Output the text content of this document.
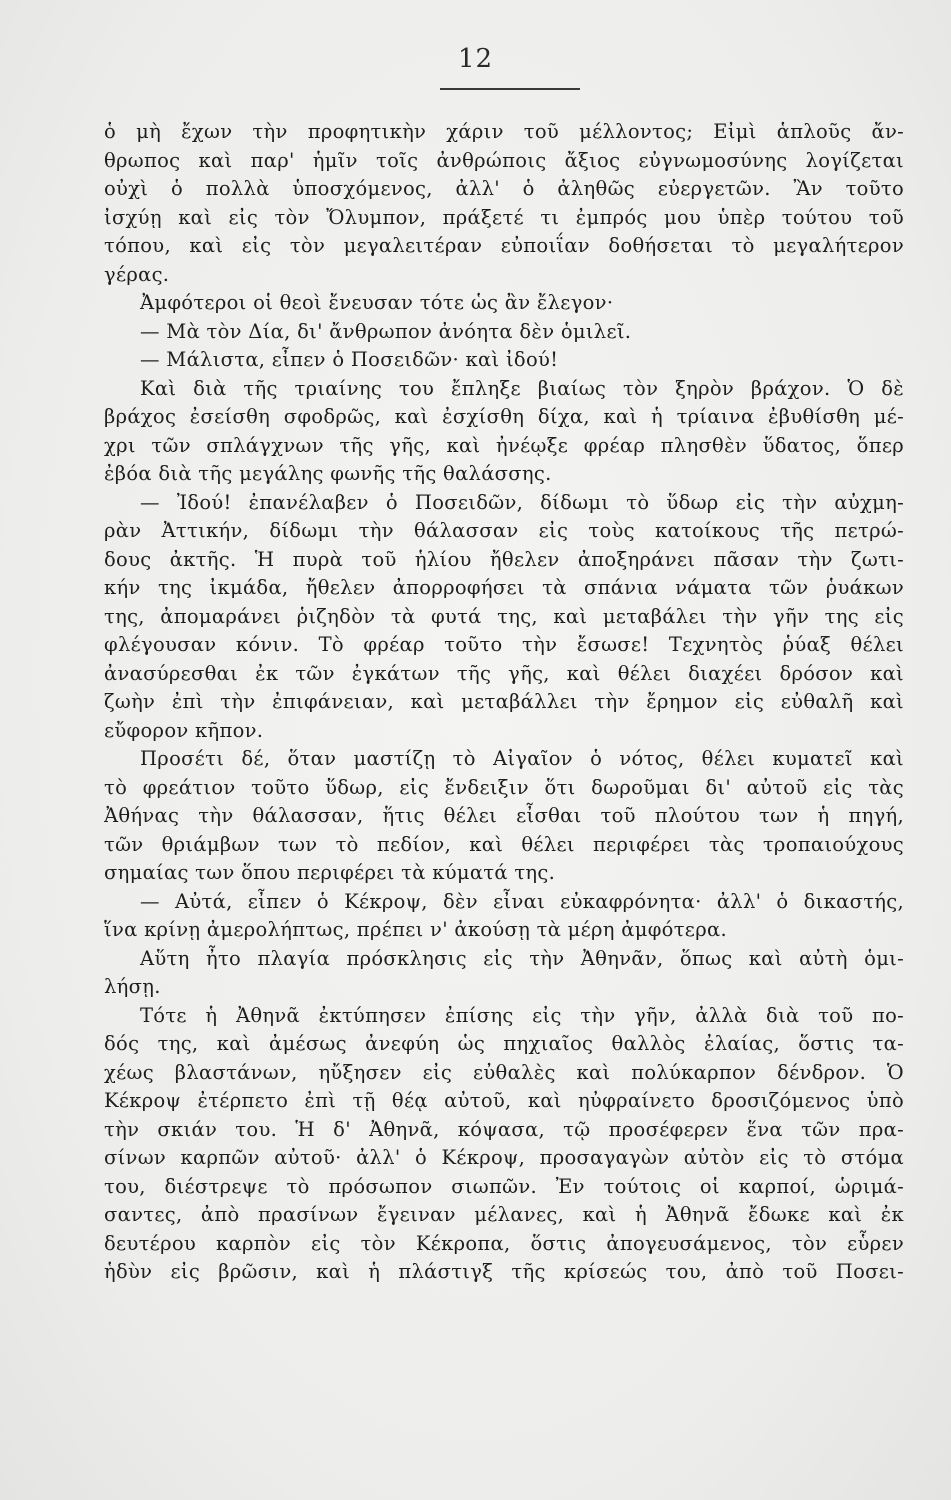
12
ὁ μὴ ἔχων τὴν προφητικὴν χάριν τοῦ μέλλοντος; Εἰμὶ ἁπλοῦς ἄν-
θρωπος καὶ παρ' ἡμῖν τοῖς ἀνθρώποις ἄξιος εὐγνωμοσύνης λογίζεται
οὐχὶ ὁ πολλὰ ὑποσχόμενος, ἀλλ' ὁ ἀληθῶς εὐεργετῶν. Ἂν τοῦτο
ἰσχύῃ καὶ εἰς τὸν Ὄλυμπον, πράξετέ τι ἐμπρός μου ὑπὲρ τούτου τοῦ
τόπου, καὶ εἰς τὸν μεγαλειτέραν εὐποιΐαν δοθήσεται τὸ μεγαλήτερον
γέρας.
Ἀμφότεροι οἱ θεοὶ ἔνευσαν τότε ὡς ἂν ἔλεγον·
— Μὰ τὸν Δία, δι' ἄνθρωπον ἀνόητα δὲν ὁμιλεῖ.
— Μάλιστα, εἶπεν ὁ Ποσειδῶν· καὶ ἰδού!
Καὶ διὰ τῆς τριαίνης του ἔπληξε βιαίως τὸν ξηρὸν βράχον. Ὁ δὲ
βράχος ἐσείσθη σφοδρῶς, καὶ ἐσχίσθη δίχα, καὶ ἡ τρίαινα ἐβυθίσθη μέ-
χρι τῶν σπλάγχνων τῆς γῆς, καὶ ἠνέῳξε φρέαρ πλησθὲν ὕδατος, ὅπερ
ἐβόα διὰ τῆς μεγάλης φωνῆς τῆς θαλάσσης.
— Ἰδού! ἐπανέλαβεν ὁ Ποσειδῶν, δίδωμι τὸ ὕδωρ εἰς τὴν αὐχμη-
ρὰν Ἀττικήν, δίδωμι τὴν θάλασσαν εἰς τοὺς κατοίκους τῆς πετρώ-
δους ἀκτῆς. Ἡ πυρὰ τοῦ ἡλίου ἤθελεν ἀποξηράνει πᾶσαν τὴν ζωτι-
κήν της ἰκμάδα, ἤθελεν ἀπορροφήσει τὰ σπάνια νάματα τῶν ῥυάκων
της, ἀπομαράνει ῥιζηδὸν τὰ φυτά της, καὶ μεταβάλει τὴν γῆν της εἰς
φλέγουσαν κόνιν. Τὸ φρέαρ τοῦτο τὴν ἔσωσε! Τεχνητὸς ῥύαξ θέλει
ἀνασύρεσθαι ἐκ τῶν ἐγκάτων τῆς γῆς, καὶ θέλει διαχέει δρόσον καὶ
ζωὴν ἐπὶ τὴν ἐπιφάνειαν, καὶ μεταβάλλει τὴν ἔρημον εἰς εὐθαλῆ καὶ
εὔφορον κῆπον.
Προσέτι δέ, ὅταν μαστίζῃ τὸ Αἰγαῖον ὁ νότος, θέλει κυματεῖ καὶ
τὸ φρεάτιον τοῦτο ὕδωρ, εἰς ἔνδειξιν ὅτι δωροῦμαι δι' αὐτοῦ εἰς τὰς
Ἀθήνας τὴν θάλασσαν, ἥτις θέλει εἶσθαι τοῦ πλούτου των ἡ πηγή,
τῶν θριάμβων των τὸ πεδίον, καὶ θέλει περιφέρει τὰς τροπαιούχους
σημαίας των ὅπου περιφέρει τὰ κύματά της.
— Αὐτά, εἶπεν ὁ Κέκροψ, δὲν εἶναι εὐκαφρόνητα· ἀλλ' ὁ δικαστής,
ἵνα κρίνῃ ἀμερολήπτως, πρέπει ν' ἀκούσῃ τὰ μέρη ἀμφότερα.
Αὕτη ἦτο πλαγία πρόσκλησις εἰς τὴν Ἀθηνᾶν, ὅπως καὶ αὐτὴ ὁμι-
λήσῃ.
Τότε ἡ Ἀθηνᾶ ἐκτύπησεν ἐπίσης εἰς τὴν γῆν, ἀλλὰ διὰ τοῦ πο-
δός της, καὶ ἀμέσως ἀνεφύη ὡς πηχιαῖος θαλλὸς ἐλαίας, ὅστις τα-
χέως βλαστάνων, ηὔξησεν εἰς εὐθαλὲς καὶ πολύκαρπον δένδρον. Ὁ
Κέκροψ ἐτέρπετο ἐπὶ τῇ θέᾳ αὐτοῦ, καὶ ηὐφραίνετο δροσιζόμενος ὑπὸ
τὴν σκιάν του. Ἡ δ' Ἀθηνᾶ, κόψασα, τῷ προσέφερεν ἕνα τῶν πρα-
σίνων καρπῶν αὐτοῦ· ἀλλ' ὁ Κέκροψ, προσαγαγὼν αὐτὸν εἰς τὸ στόμα
του, διέστρεψε τὸ πρόσωπον σιωπῶν. Ἐν τούτοις οἱ καρποί, ὡριμά-
σαντες, ἀπὸ πρασίνων ἔγειναν μέλανες, καὶ ἡ Ἀθηνᾶ ἔδωκε καὶ ἐκ
δευτέρου καρπὸν εἰς τὸν Κέκροπα, ὅστις ἀπογευσάμενος, τὸν εὗρεν
ἡδὺν εἰς βρῶσιν, καὶ ἡ πλάστιγξ τῆς κρίσεώς του, ἀπὸ τοῦ Ποσει-
